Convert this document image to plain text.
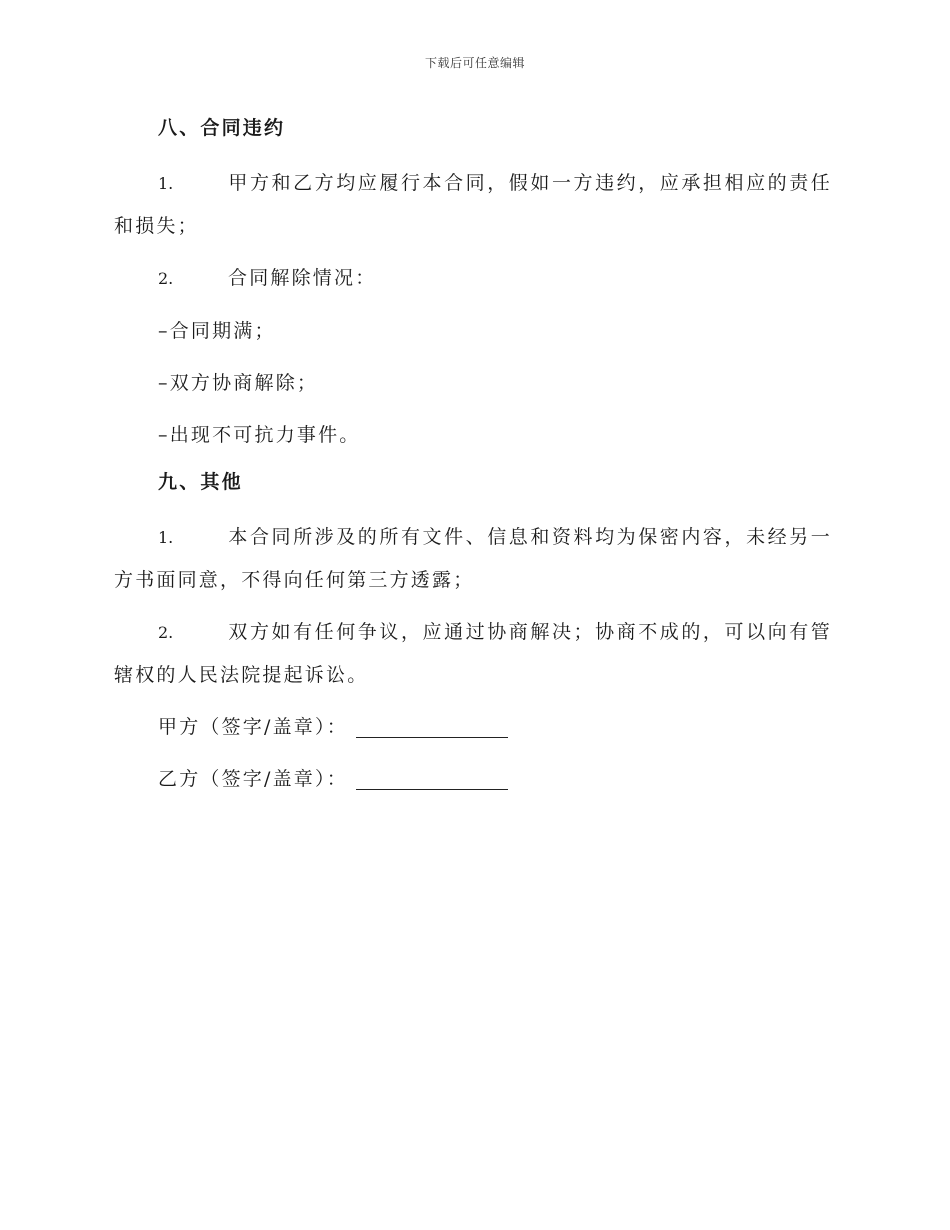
下载后可任意编辑
八、合同违约

1.	甲方和乙方均应履行本合同，假如一方违约，应承担相应的责任和损失；

2.	合同解除情况：

–合同期满；

–双方协商解除；

–出现不可抗力事件。

九、其他

1.	本合同所涉及的所有文件、信息和资料均为保密内容，未经另一方书面同意，不得向任何第三方透露；

2.	双方如有任何争议，应通过协商解决；协商不成的，可以向有管辖权的人民法院提起诉讼。

甲方（签字/盖章）：
乙方（签字/盖章）：
